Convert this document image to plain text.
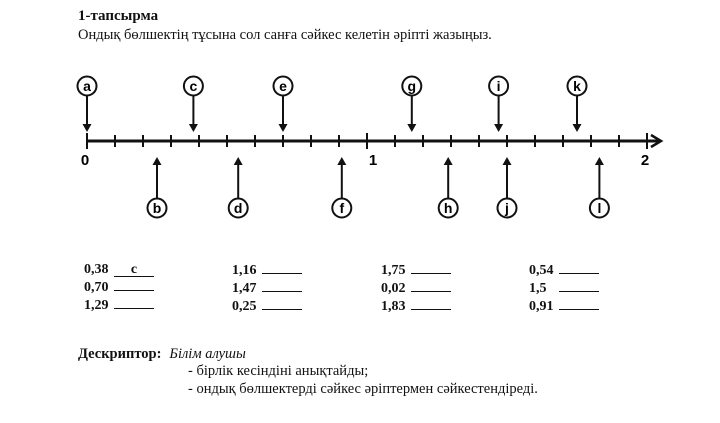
1-тапсырма
Ондық бөлшектің тұсына сол санға сәйкес келетін әріпті жазыңыз.
0	1	2
a	c	e	g	i	k
b	d	f	h	j	l
0,38 c
0,70
1,29
1,16
1,47
0,25
1,75
0,02
1,83
0,54
1,5
0,91
Дескриптор: Білім алушы
- бірлік кесіндіні анықтайды;
- ондық бөлшектерді сәйкес әріптермен сәйкестендіреді.
